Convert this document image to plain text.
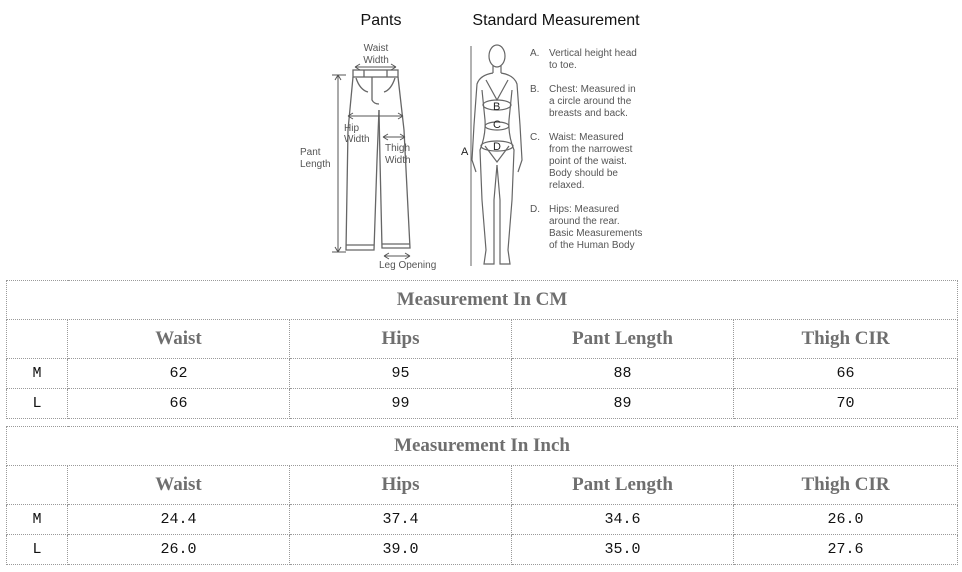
Pants	Standard Measurement
Waist
Width
Hip
Width
Pant
Length
Thigh
Width
Leg Opening
A
B
C
D
A. Vertical height head
to toe.
B. Chest: Measured in
a circle around the
breasts and back.
C. Waist: Measured
from the narrowest
point of the waist.
Body should be
relaxed.
D. Hips: Measured
around the rear.
Basic Measurements
of the Human Body
Measurement In CM				
	Waist	Hips	Pant Length	Thigh CIR
M	62	95	88	66
L	66	99	89	70
Measurement In Inch				
	Waist	Hips	Pant Length	Thigh CIR
M	24.4	37.4	34.6	26.0
L	26.0	39.0	35.0	27.6
